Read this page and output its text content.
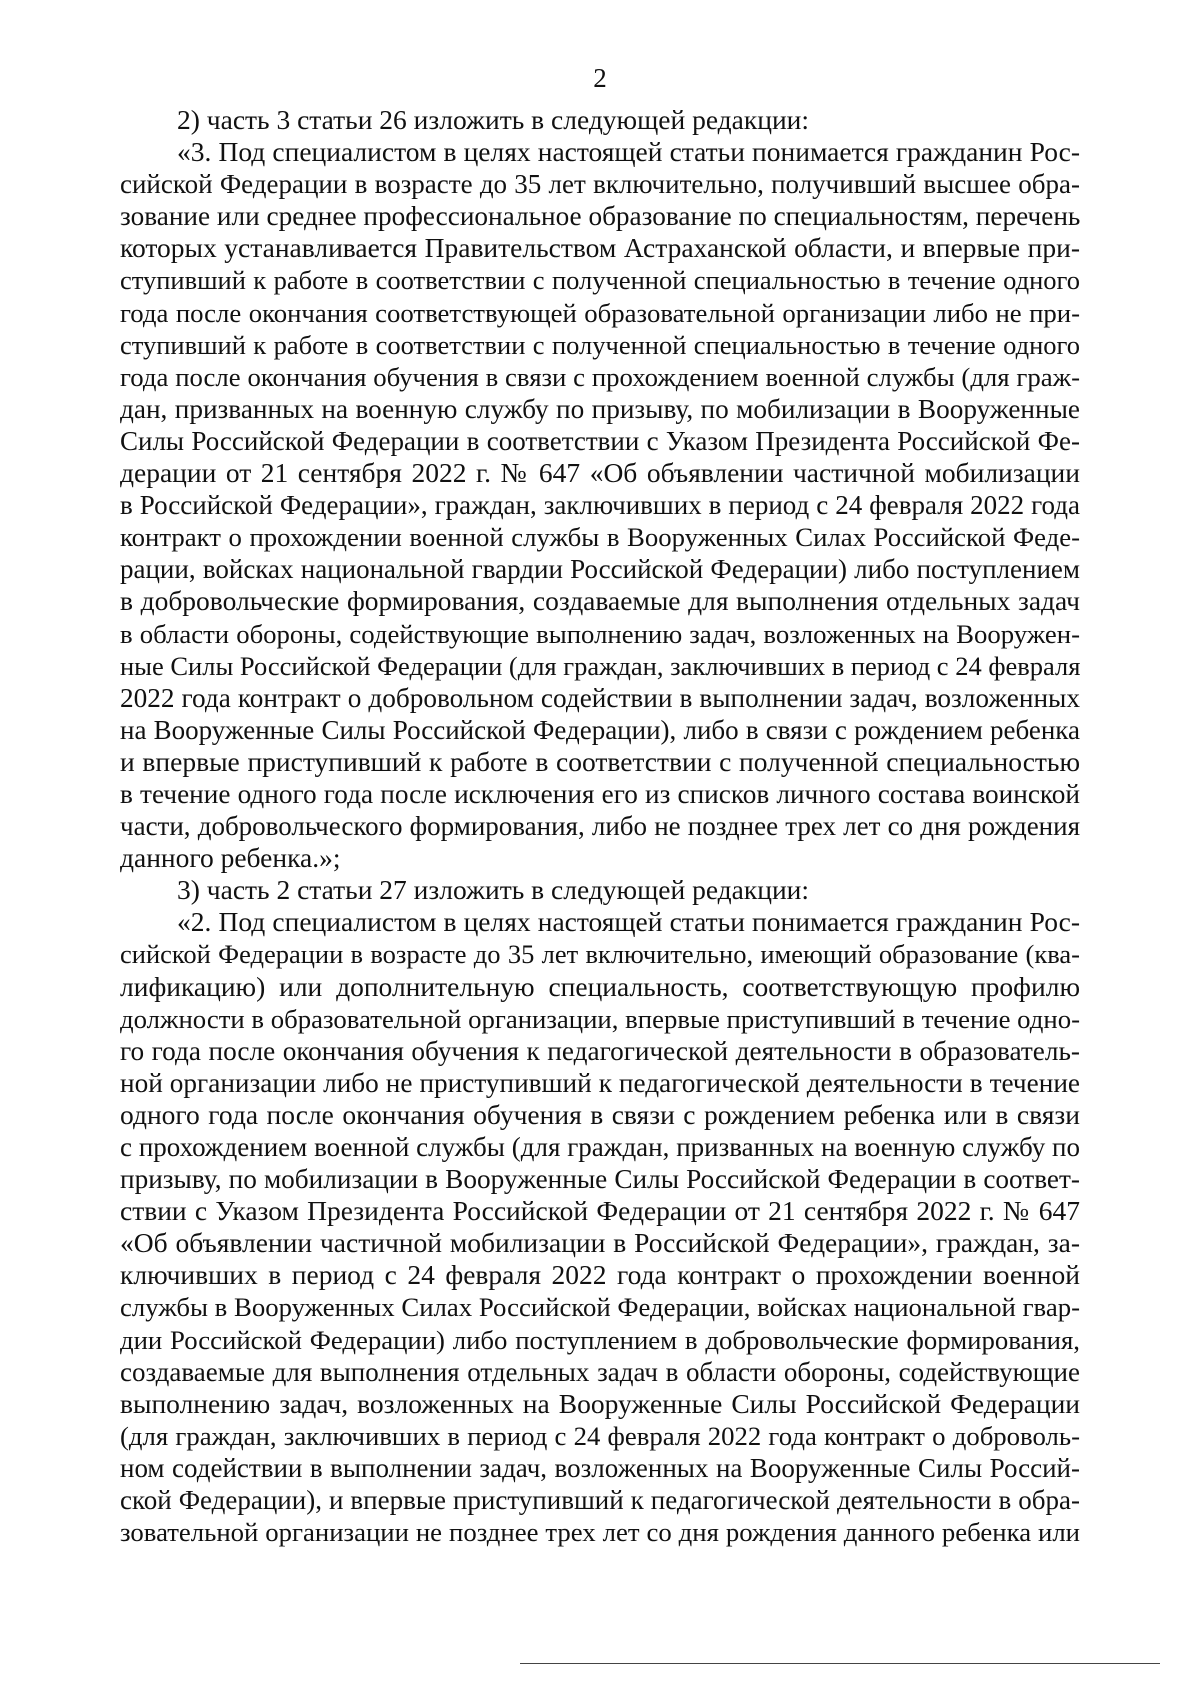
2
2) часть 3 статьи 26 изложить в следующей редакции:
«3. Под специалистом в целях настоящей статьи понимается гражданин Рос-
сийской Федерации в возрасте до 35 лет включительно, получивший высшее обра-
зование или среднее профессиональное образование по специальностям, перечень
которых устанавливается Правительством Астраханской области, и впервые при-
ступивший к работе в соответствии с полученной специальностью в течение одного
года после окончания соответствующей образовательной организации либо не при-
ступивший к работе в соответствии с полученной специальностью в течение одного
года после окончания обучения в связи с прохождением военной службы (для граж-
дан, призванных на военную службу по призыву, по мобилизации в Вооруженные
Силы Российской Федерации в соответствии с Указом Президента Российской Фе-
дерации от 21 сентября 2022 г. № 647 «Об объявлении частичной мобилизации
в Российской Федерации», граждан, заключивших в период с 24 февраля 2022 года
контракт о прохождении военной службы в Вооруженных Силах Российской Феде-
рации, войсках национальной гвардии Российской Федерации) либо поступлением
в добровольческие формирования, создаваемые для выполнения отдельных задач
в области обороны, содействующие выполнению задач, возложенных на Вооружен-
ные Силы Российской Федерации (для граждан, заключивших в период с 24 февраля
2022 года контракт о добровольном содействии в выполнении задач, возложенных
на Вооруженные Силы Российской Федерации), либо в связи с рождением ребенка
и впервые приступивший к работе в соответствии с полученной специальностью
в течение одного года после исключения его из списков личного состава воинской
части, добровольческого формирования, либо не позднее трех лет со дня рождения
данного ребенка.»;
3) часть 2 статьи 27 изложить в следующей редакции:
«2. Под специалистом в целях настоящей статьи понимается гражданин Рос-
сийской Федерации в возрасте до 35 лет включительно, имеющий образование (ква-
лификацию) или дополнительную специальность, соответствующую профилю
должности в образовательной организации, впервые приступивший в течение одно-
го года после окончания обучения к педагогической деятельности в образователь-
ной организации либо не приступивший к педагогической деятельности в течение
одного года после окончания обучения в связи с рождением ребенка или в связи
с прохождением военной службы (для граждан, призванных на военную службу по
призыву, по мобилизации в Вооруженные Силы Российской Федерации в соответ-
ствии с Указом Президента Российской Федерации от 21 сентября 2022 г. № 647
«Об объявлении частичной мобилизации в Российской Федерации», граждан, за-
ключивших в период с 24 февраля 2022 года контракт о прохождении военной
службы в Вооруженных Силах Российской Федерации, войсках национальной гвар-
дии Российской Федерации) либо поступлением в добровольческие формирования,
создаваемые для выполнения отдельных задач в области обороны, содействующие
выполнению задач, возложенных на Вооруженные Силы Российской Федерации
(для граждан, заключивших в период с 24 февраля 2022 года контракт о доброволь-
ном содействии в выполнении задач, возложенных на Вооруженные Силы Россий-
ской Федерации), и впервые приступивший к педагогической деятельности в обра-
зовательной организации не позднее трех лет со дня рождения данного ребенка или
